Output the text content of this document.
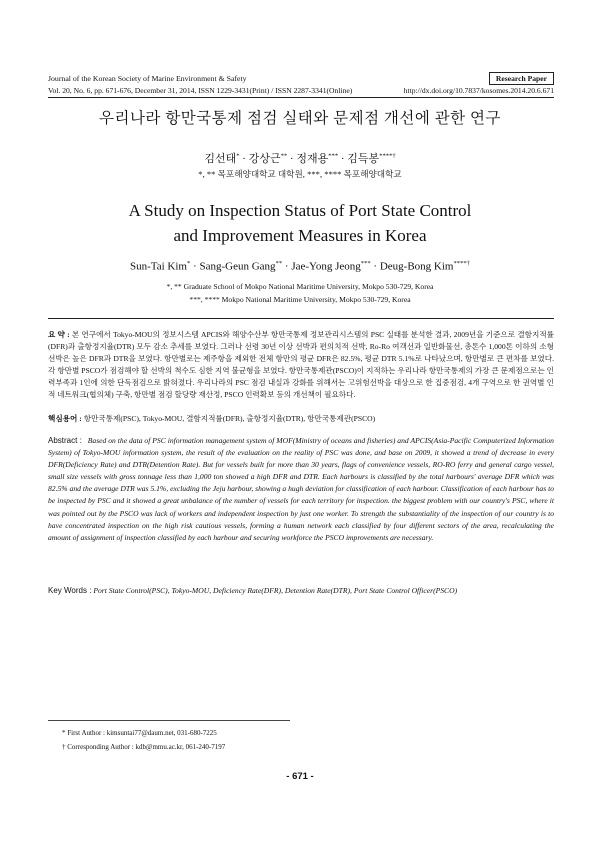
Journal of the Korean Society of Marine Environment & Safety	Research Paper
Vol. 20, No. 6, pp. 671-676, December 31, 2014, ISSN 1229-3431(Print) / ISSN 2287-3341(Online)	http://dx.doi.org/10.7837/kosomes.2014.20.6.671
우리나라 항만국통제 점검 실태와 문제점 개선에 관한 연구
김선태* · 강상근** · 정재용*** · 김득봉****†
*, ** 목포해양대학교 대학원, ***, **** 목포해양대학교
A Study on Inspection Status of Port State Control
and Improvement Measures in Korea
Sun-Tai Kim* · Sang-Geun Gang** · Jae-Yong Jeong*** · Deug-Bong Kim****†
*, ** Graduate School of Mokpo National Maritime University, Mokpo 530-729, Korea
***, **** Mokpo National Maritime University, Mokpo 530-729, Korea
요 약 : 본 연구에서 Tokyo-MOU의 정보시스템 APCIS와 해양수산부 항만국통제 정보관리시스템의 PSC 실태를 분석한 결과, 2009년을 기준으로 결함지적률(DFR)과 출항정지율(DTR) 모두 감소 추세를 보였다. 그러나 선령 30년 이상 선박과 편의치적 선박, Ro-Ro 여객선과 일반화물선, 총톤수 1,000톤 이하의 소형선박은 높은 DFR과 DTR을 보였다. 항만별로는 제주항을 제외한 전체 항만의 평균 DFR은 82.5%, 평균 DTR 5.1%로 나타났으며, 항만별로 큰 편차를 보였다. 각 항만별 PSCO가 점검해야 할 선박의 척수도 심한 지역 불균형을 보였다. 항만국통제관(PSCO)이 지적하는 우리나라 항만국통제의 가장 큰 문제점으로는 인력부족과 1인에 의한 단독점검으로 밝혀졌다. 우리나라의 PSC 점검 내실과 강화를 위해서는 고위험선박을 대상으로 한 집중점검, 4개 구역으로 한 권역별 인적 네트워크(협의체) 구축, 항만별 점검 할당량 재산정, PSCO 인력확보 등의 개선책이 필요하다.
핵심용어 : 항만국통제(PSC), Tokyo-MOU, 결함지적률(DFR), 출항정지율(DTR), 항만국통제관(PSCO)
Abstract : Based on the data of PSC information management system of MOF(Ministry of oceans and fisheries) and APCIS(Asia-Pacific Computerized Information System) of Tokyo-MOU information system, the result of the evaluation on the reality of PSC was done, and base on 2009, it showed a trend of decrease in every DFR(Deficiency Rate) and DTR(Detention Rate). But for vessels built for more than 30 years, flags of convenience vessels, RO-RO ferry and general cargo vessel, small size vessels with gross tonnage less than 1,000 ton showed a high DFR and DTR. Each harbours is classified by the total harbours' average DFR which was 82.5% and the average DTR was 5.1%, excluding the Jeju harbour, showing a hugh deviation for classification of each harbour. Classification of each harbour has to be inspected by PSC and it showed a great unbalance of the number of vessels for each territory for inspection. the biggest problem with our country's PSC, where it was pointed out by the PSCO was lack of workers and independent inspection by just one worker. To strength the substantiality of the inspection of our country is to have concentrated inspection on the high risk cautious vessels, forming a human network each classified by four different sectors of the area, recalculating the amount of assignment of inspection classified by each harbour and securing workforce the PSCO improvements are necessary.
Key Words : Port State Control(PSC), Tokyo-MOU, Deficiency Rate(DFR), Detention Rate(DTR), Port State Control Officer(PSCO)
* First Author : kimsuntai77@daum.net, 031-680-7225
† Corresponding Author : kdb@mmu.ac.kr, 061-240-7197
- 671 -
